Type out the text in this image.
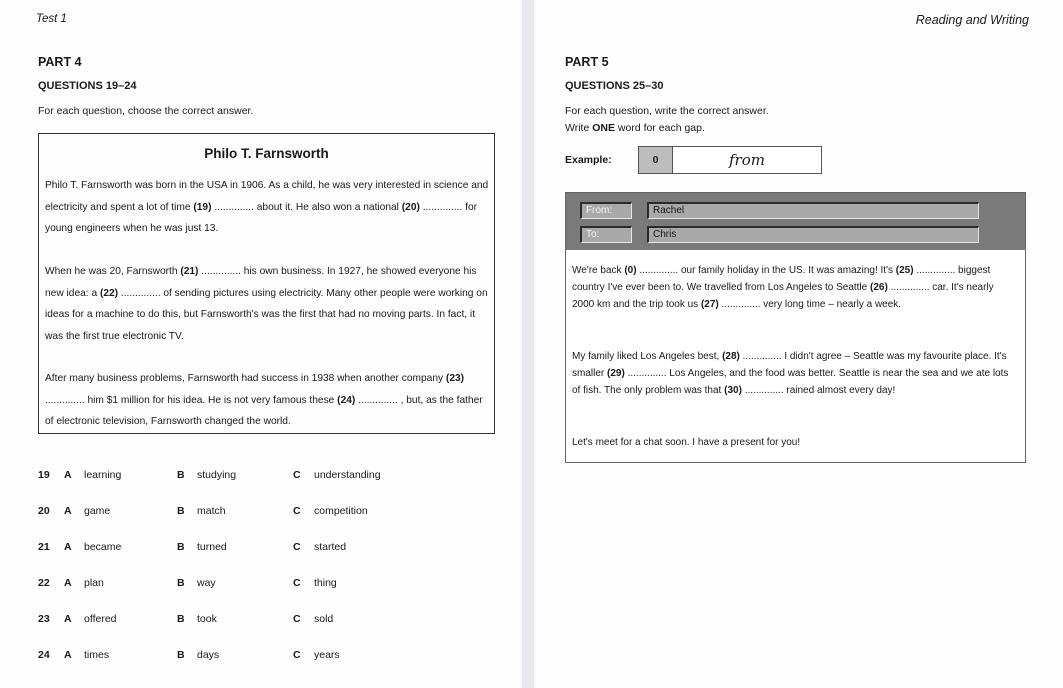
Test 1
PART 4
QUESTIONS 19–24
For each question, choose the correct answer.
Philo T. Farnsworth
Philo T. Farnsworth was born in the USA in 1906. As a child, he was very interested in science and electricity and spent a lot of time (19) .............. about it. He also won a national (20) .............. for young engineers when he was just 13.
When he was 20, Farnsworth (21) .............. his own business. In 1927, he showed everyone his new idea: a (22) .............. of sending pictures using electricity. Many other people were working on ideas for a machine to do this, but Farnsworth's was the first that had no moving parts. In fact, it was the first true electronic TV.
After many business problems, Farnsworth had success in 1938 when another company (23) .............. him $1 million for his idea. He is not very famous these (24) .............. , but, as the father of electronic television, Farnsworth changed the world.
19 A learning	B studying	C understanding
20 A game	B match	C competition
21 A became	B turned	C started
22 A plan	B way	C thing
23 A offered	B took	C sold
24 A times	B days	C years
Reading and Writing
PART 5
QUESTIONS 25–30
For each question, write the correct answer.
Write ONE word for each gap.
Example:	0	from
From:	Rachel
To:	Chris
We're back (0) .............. our family holiday in the US. It was amazing! It's (25) .............. biggest country I've ever been to. We travelled from Los Angeles to Seattle (26) .............. car. It's nearly 2000 km and the trip took us (27) .............. very long time – nearly a week.
My family liked Los Angeles best, (28) .............. I didn't agree – Seattle was my favourite place. It's smaller (29) .............. Los Angeles, and the food was better. Seattle is near the sea and we ate lots of fish. The only problem was that (30) .............. rained almost every day!
Let's meet for a chat soon. I have a present for you!
